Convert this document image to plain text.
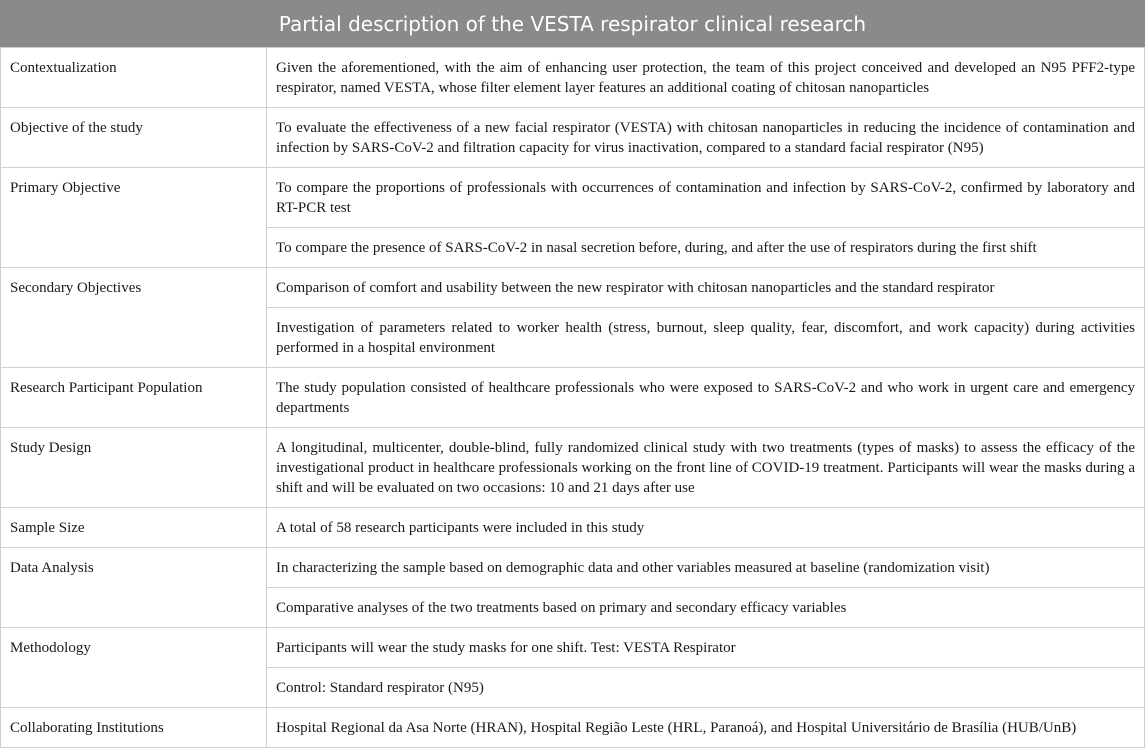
Partial description of the VESTA respirator clinical research
Contextualization	Given the aforementioned, with the aim of enhancing user protection, the team of this project conceived and developed an N95 PFF2-type respirator, named VESTA, whose filter element layer features an additional coating of chitosan nanoparticles
Objective of the study	To evaluate the effectiveness of a new facial respirator (VESTA) with chitosan nanoparticles in reducing the incidence of contamination and infection by SARS-CoV-2 and filtration capacity for virus inactivation, compared to a standard facial respirator (N95)
Primary Objective	To compare the proportions of professionals with occurrences of contamination and infection by SARS-CoV-2, confirmed by laboratory and RT-PCR test
	To compare the presence of SARS-CoV-2 in nasal secretion before, during, and after the use of respirators during the first shift
Secondary Objectives	Comparison of comfort and usability between the new respirator with chitosan nanoparticles and the standard respirator
	Investigation of parameters related to worker health (stress, burnout, sleep quality, fear, discomfort, and work capacity) during activities performed in a hospital environment
Research Participant Population	The study population consisted of healthcare professionals who were exposed to SARS-CoV-2 and who work in urgent care and emergency departments
Study Design	A longitudinal, multicenter, double-blind, fully randomized clinical study with two treatments (types of masks) to assess the efficacy of the investigational product in healthcare professionals working on the front line of COVID-19 treatment. Participants will wear the masks during a shift and will be evaluated on two occasions: 10 and 21 days after use
Sample Size	A total of 58 research participants were included in this study
Data Analysis	In characterizing the sample based on demographic data and other variables measured at baseline (randomization visit)
	Comparative analyses of the two treatments based on primary and secondary efficacy variables
Methodology	Participants will wear the study masks for one shift. Test: VESTA Respirator
	Control: Standard respirator (N95)
Collaborating Institutions	Hospital Regional da Asa Norte (HRAN), Hospital Região Leste (HRL, Paranoá), and Hospital Universitário de Brasília (HUB/UnB)
